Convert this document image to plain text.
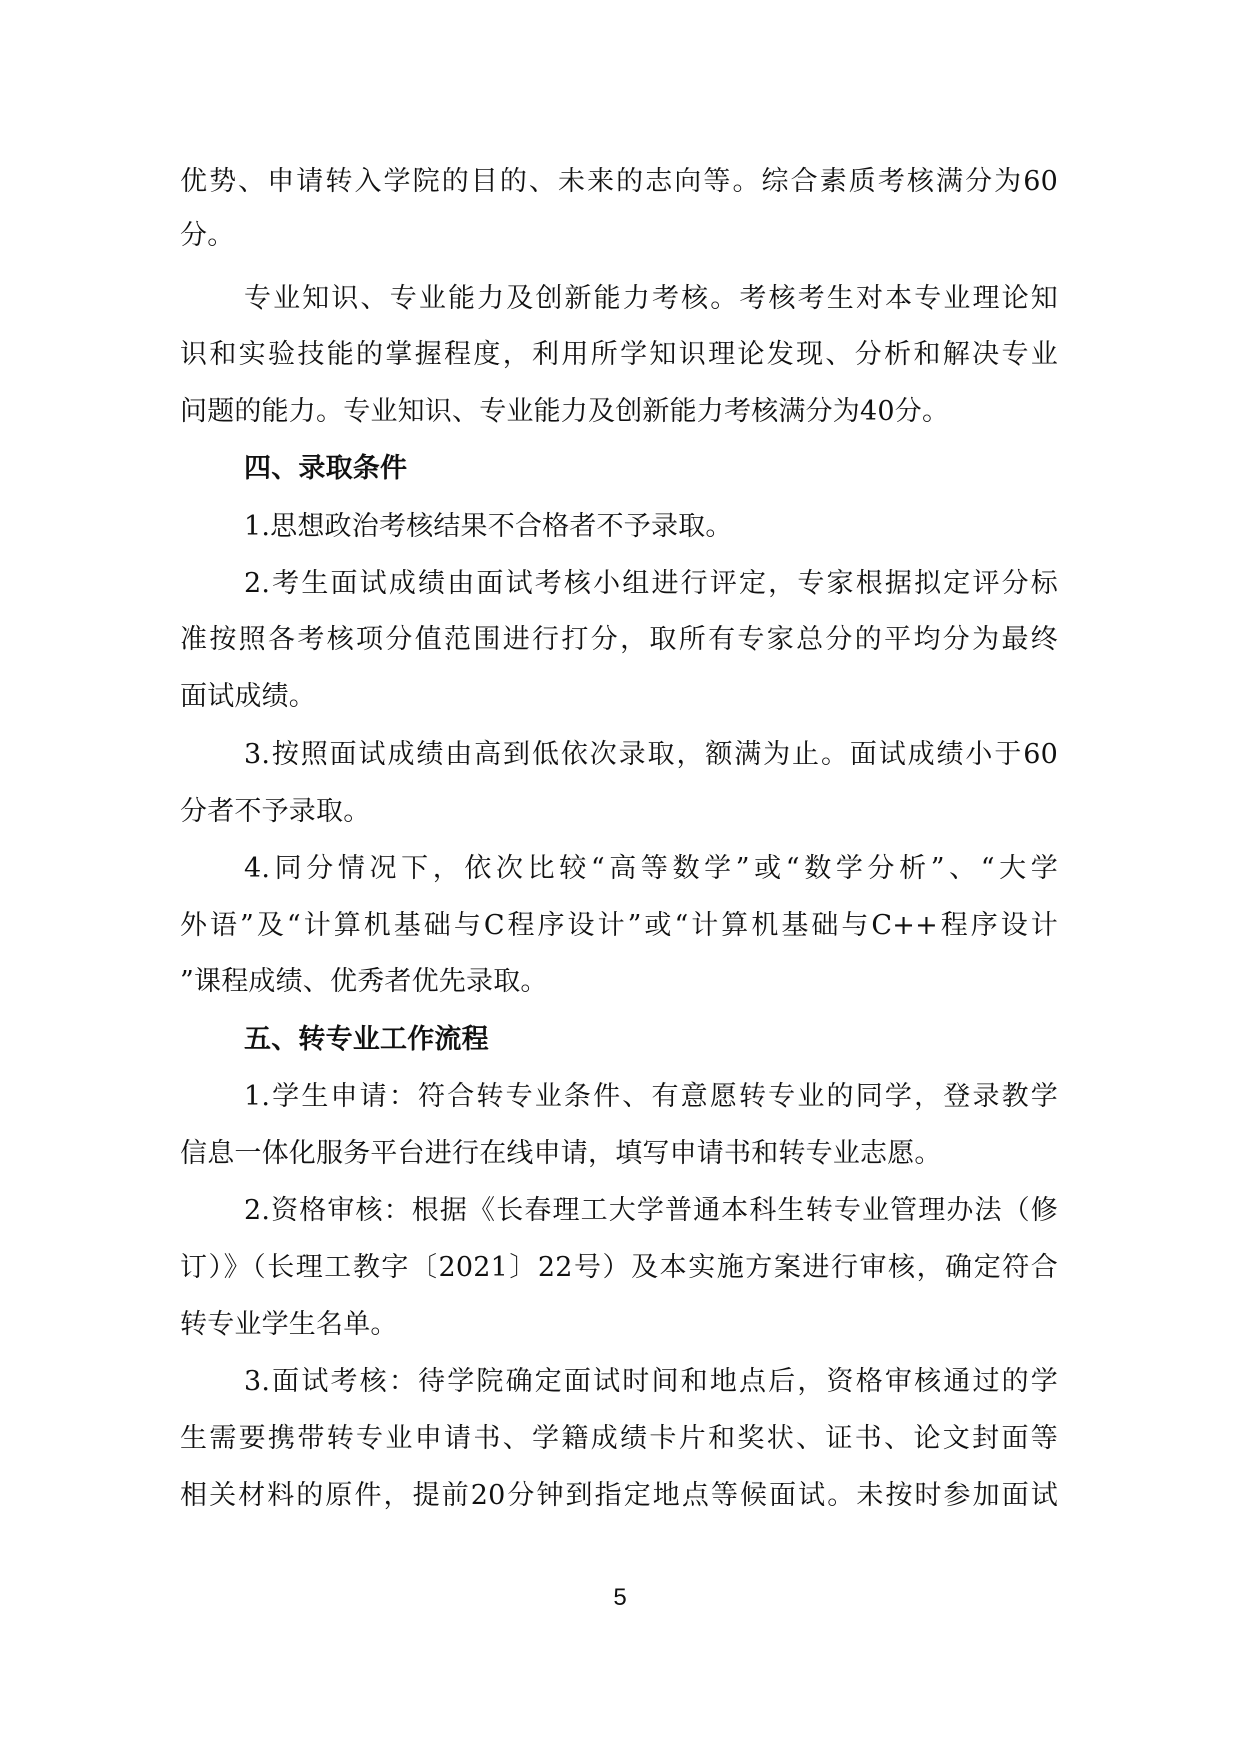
优势、申请转入学院的目的、未来的志向等。综合素质考核满分为60
分。
专业知识、专业能力及创新能力考核。考核考生对本专业理论知
识和实验技能的掌握程度，利用所学知识理论发现、分析和解决专业
问题的能力。专业知识、专业能力及创新能力考核满分为40分。
四、录取条件
1.思想政治考核结果不合格者不予录取。
2.考生面试成绩由面试考核小组进行评定，专家根据拟定评分标
准按照各考核项分值范围进行打分，取所有专家总分的平均分为最终
面试成绩。
3.按照面试成绩由高到低依次录取，额满为止。面试成绩小于60
分者不予录取。
4.同分情况下，依次比较“高等数学”或“数学分析”、“大学
外语”及“计算机基础与C程序设计”或“计算机基础与C++程序设计
”课程成绩、优秀者优先录取。
五、转专业工作流程
1.学生申请：符合转专业条件、有意愿转专业的同学，登录教学
信息一体化服务平台进行在线申请，填写申请书和转专业志愿。
2.资格审核：根据《长春理工大学普通本科生转专业管理办法（修
订）》（长理工教字〔2021〕22号）及本实施方案进行审核，确定符合
转专业学生名单。
3.面试考核：待学院确定面试时间和地点后，资格审核通过的学
生需要携带转专业申请书、学籍成绩卡片和奖状、证书、论文封面等
相关材料的原件，提前20分钟到指定地点等候面试。未按时参加面试
5
